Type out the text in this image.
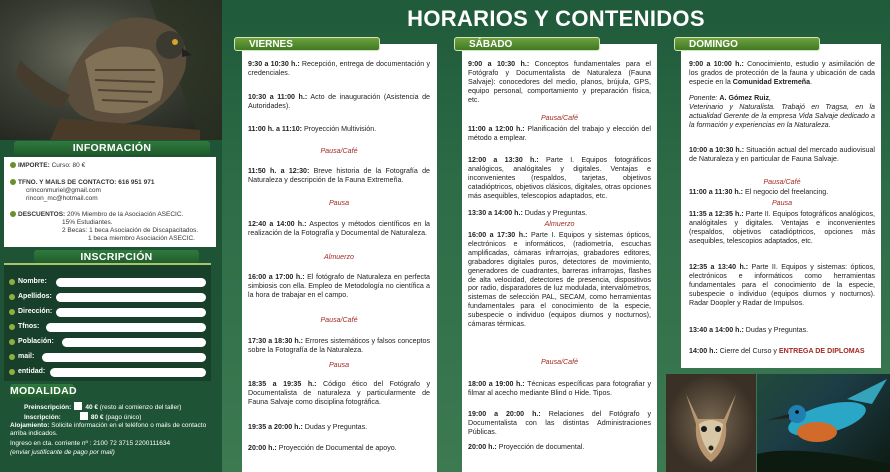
INFORMACIÓN
IMPORTE: Curso: 80 €
TFNO. Y MAILS DE CONTACTO: 616 951 971
crinconmuriel@gmail.com
rincon_mc@hotmail.com
DESCUENTOS: 20% Miembro de la Asociación ASECIC.
15% Estudiantes.
2 Becas: 1 beca Asociación de Discapacitados.
1 beca miembro Asociación ASECIC.
INSCRIPCIÓN
Nombre:
Apellidos:
Dirección:
Tfnos:
Población:
mail:
entidad:
MODALIDAD
Preinscripción: 40 € (resto al comienzo del taller)
Inscripción:	80 € (pago único)
Alojamiento: Solicite información en el teléfono o mails de contacto arriba indicados.
Ingreso en cta. corriente nº : 2100 72 3715 2200111634
(enviar justificante de pago por mail)
HORARIOS Y CONTENIDOS
VIERNES	SÁBADO	DOMINGO
9:30 a 10:30 h.: Recepción, entrega de documentación y credenciales.
10:30 a 11:00 h.: Acto de inauguración (Asistencia de Autoridades).
11:00 h. a 11:10: Proyección Multivisión.
Pausa/Café
11:50 h. a 12:30: Breve historia de la Fotografía de Naturaleza y descripción de la Fauna Extremeña.
Pausa
12:40 a 14:00 h.: Aspectos y métodos científicos en la realización de la Fotografía y Documental de Naturaleza.
Almuerzo
16:00 a 17:00 h.: El fotógrafo de Naturaleza en perfecta simbiosis con ella. Empleo de Metodología no científica a la hora de trabajar en el campo.
Pausa/Café
17:30 a 18:30 h.: Errores sistemáticos y falsos conceptos sobre la Fotografía de la Naturaleza.
Pausa
18:35 a 19:35 h.: Código ético del Fotógrafo y Documentalista de naturaleza y particularmente de Fauna Salvaje como disciplina fotográfica.
19:35 a 20:00 h.: Dudas y Preguntas.
20:00 h.: Proyección de Documental de apoyo.
9:00 a 10:30 h.: Conceptos fundamentales para el Fotógrafo y Documentalista de Naturaleza (Fauna Salvaje): conocedores del medio, planos, brújula, GPS, equipo personal, comportamiento y preparación física, etc.
Pausa/Café
11:00 a 12:00 h.: Planificación del trabajo y elección del método a emplear.
12:00 a 13:30 h.: Parte I. Equipos fotográficos analógicos, analógitales y digitales. Ventajas e inconvenientes (respaldos, tarjetas, objetivos catadióptricos, objetivos clásicos, digitales, otras opciones más asequibles, telescopios adaptados, etc.
13:30 a 14:00 h.: Dudas y Preguntas.
Almuerzo
16:00 a 17:30 h.: Parte I. Equipos y sistemas ópticos, electrónicos e informáticos, (radiometría, escuchas amplificadas, cámaras infrarrojas, grabadores editores, grabadores digitales puros, detectores de movimiento, generadores de cuadrantes, barreras infrarrojas, flashes de alta velocidad, detectores de presencia, dispositivos por radio, disparadores de luz modulada, intervalómetros, sistemas de selección PAL, SECAM, como herramientas fundamentales para el conocimiento de la especie, subespecie o individuo (equipos diurnos y nocturnos), cámaras térmicas.
Pausa/Café
18:00 a 19:00 h.: Técnicas específicas para fotografiar y filmar al acecho mediante Blind o Hide. Tipos.
19:00 a 20:00 h.: Relaciones del Fotógrafo y Documentalista con las distintas Administraciones Públicas.
20:00 h.: Proyección de documental.
9:00 a 10:00 h.: Conocimiento, estudio y asimilación de los grados de protección de la fauna y ubicación de cada especie en la Comunidad Extremeña.
Ponente: A. Gómez Ruiz,
Veterinario y Naturalista. Trabajó en Tragsa, en la actualidad Gerente de la empresa Vida Salvaje dedicado a la formación y experiencias en la Naturaleza.
10:00 a 10:30 h.: Situación actual del mercado audiovisual de Naturaleza y en particular de Fauna Salvaje.
Pausa/Café
11:00 a 11:30 h.: El negocio del freelancing.
Pausa
11:35 a 12:35 h.: Parte II. Equipos fotográficos analógicos, analógitales y digitales. Ventajas e inconvenientes (respaldos, objetivos catadióptricos, opciones más asequibles, telescopios adaptados, etc.
12:35 a 13:40 h.: Parte II. Equipos y sistemas: ópticos, electrónicos e informáticos como herramientas fundamentales para el conocimiento de la especie, subespecie o individuo (equipos diurnos y nocturnos). Radar Doopler y Radar de Impulsos.
13:40 a 14:00 h.: Dudas y Preguntas.
14:00 h.: Cierre del Curso y ENTREGA DE DIPLOMAS
